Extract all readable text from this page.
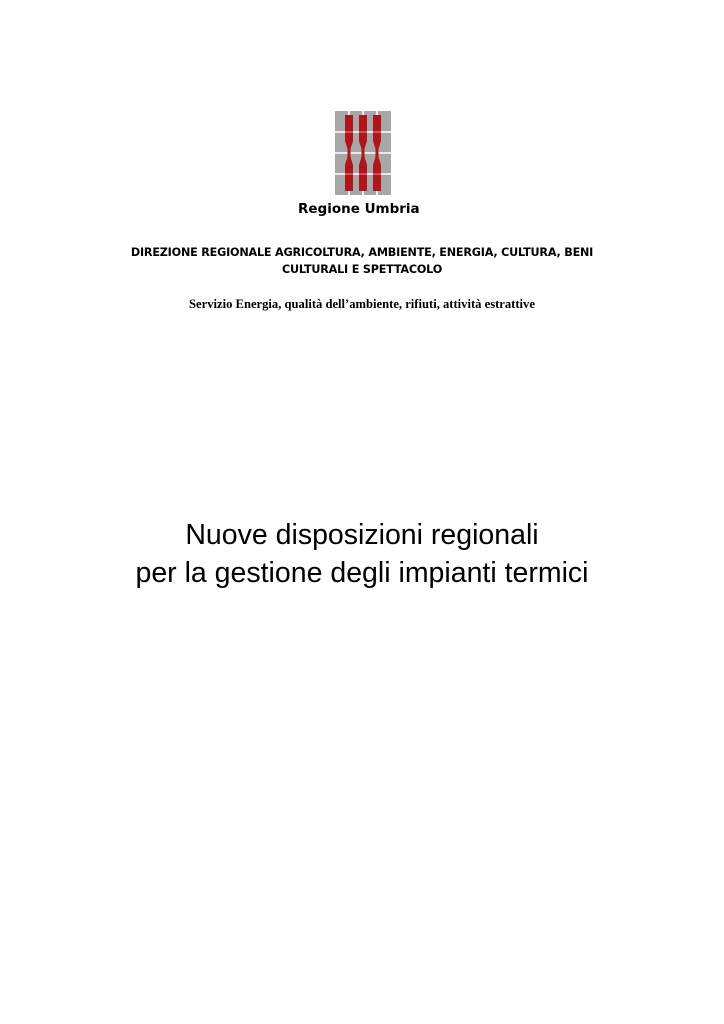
Regione Umbria

DIREZIONE REGIONALE AGRICOLTURA, AMBIENTE, ENERGIA, CULTURA, BENI
CULTURALI E SPETTACOLO

Servizio Energia, qualità dell’ambiente, rifiuti, attività estrattive

Nuove disposizioni regionali
per la gestione degli impianti termici
